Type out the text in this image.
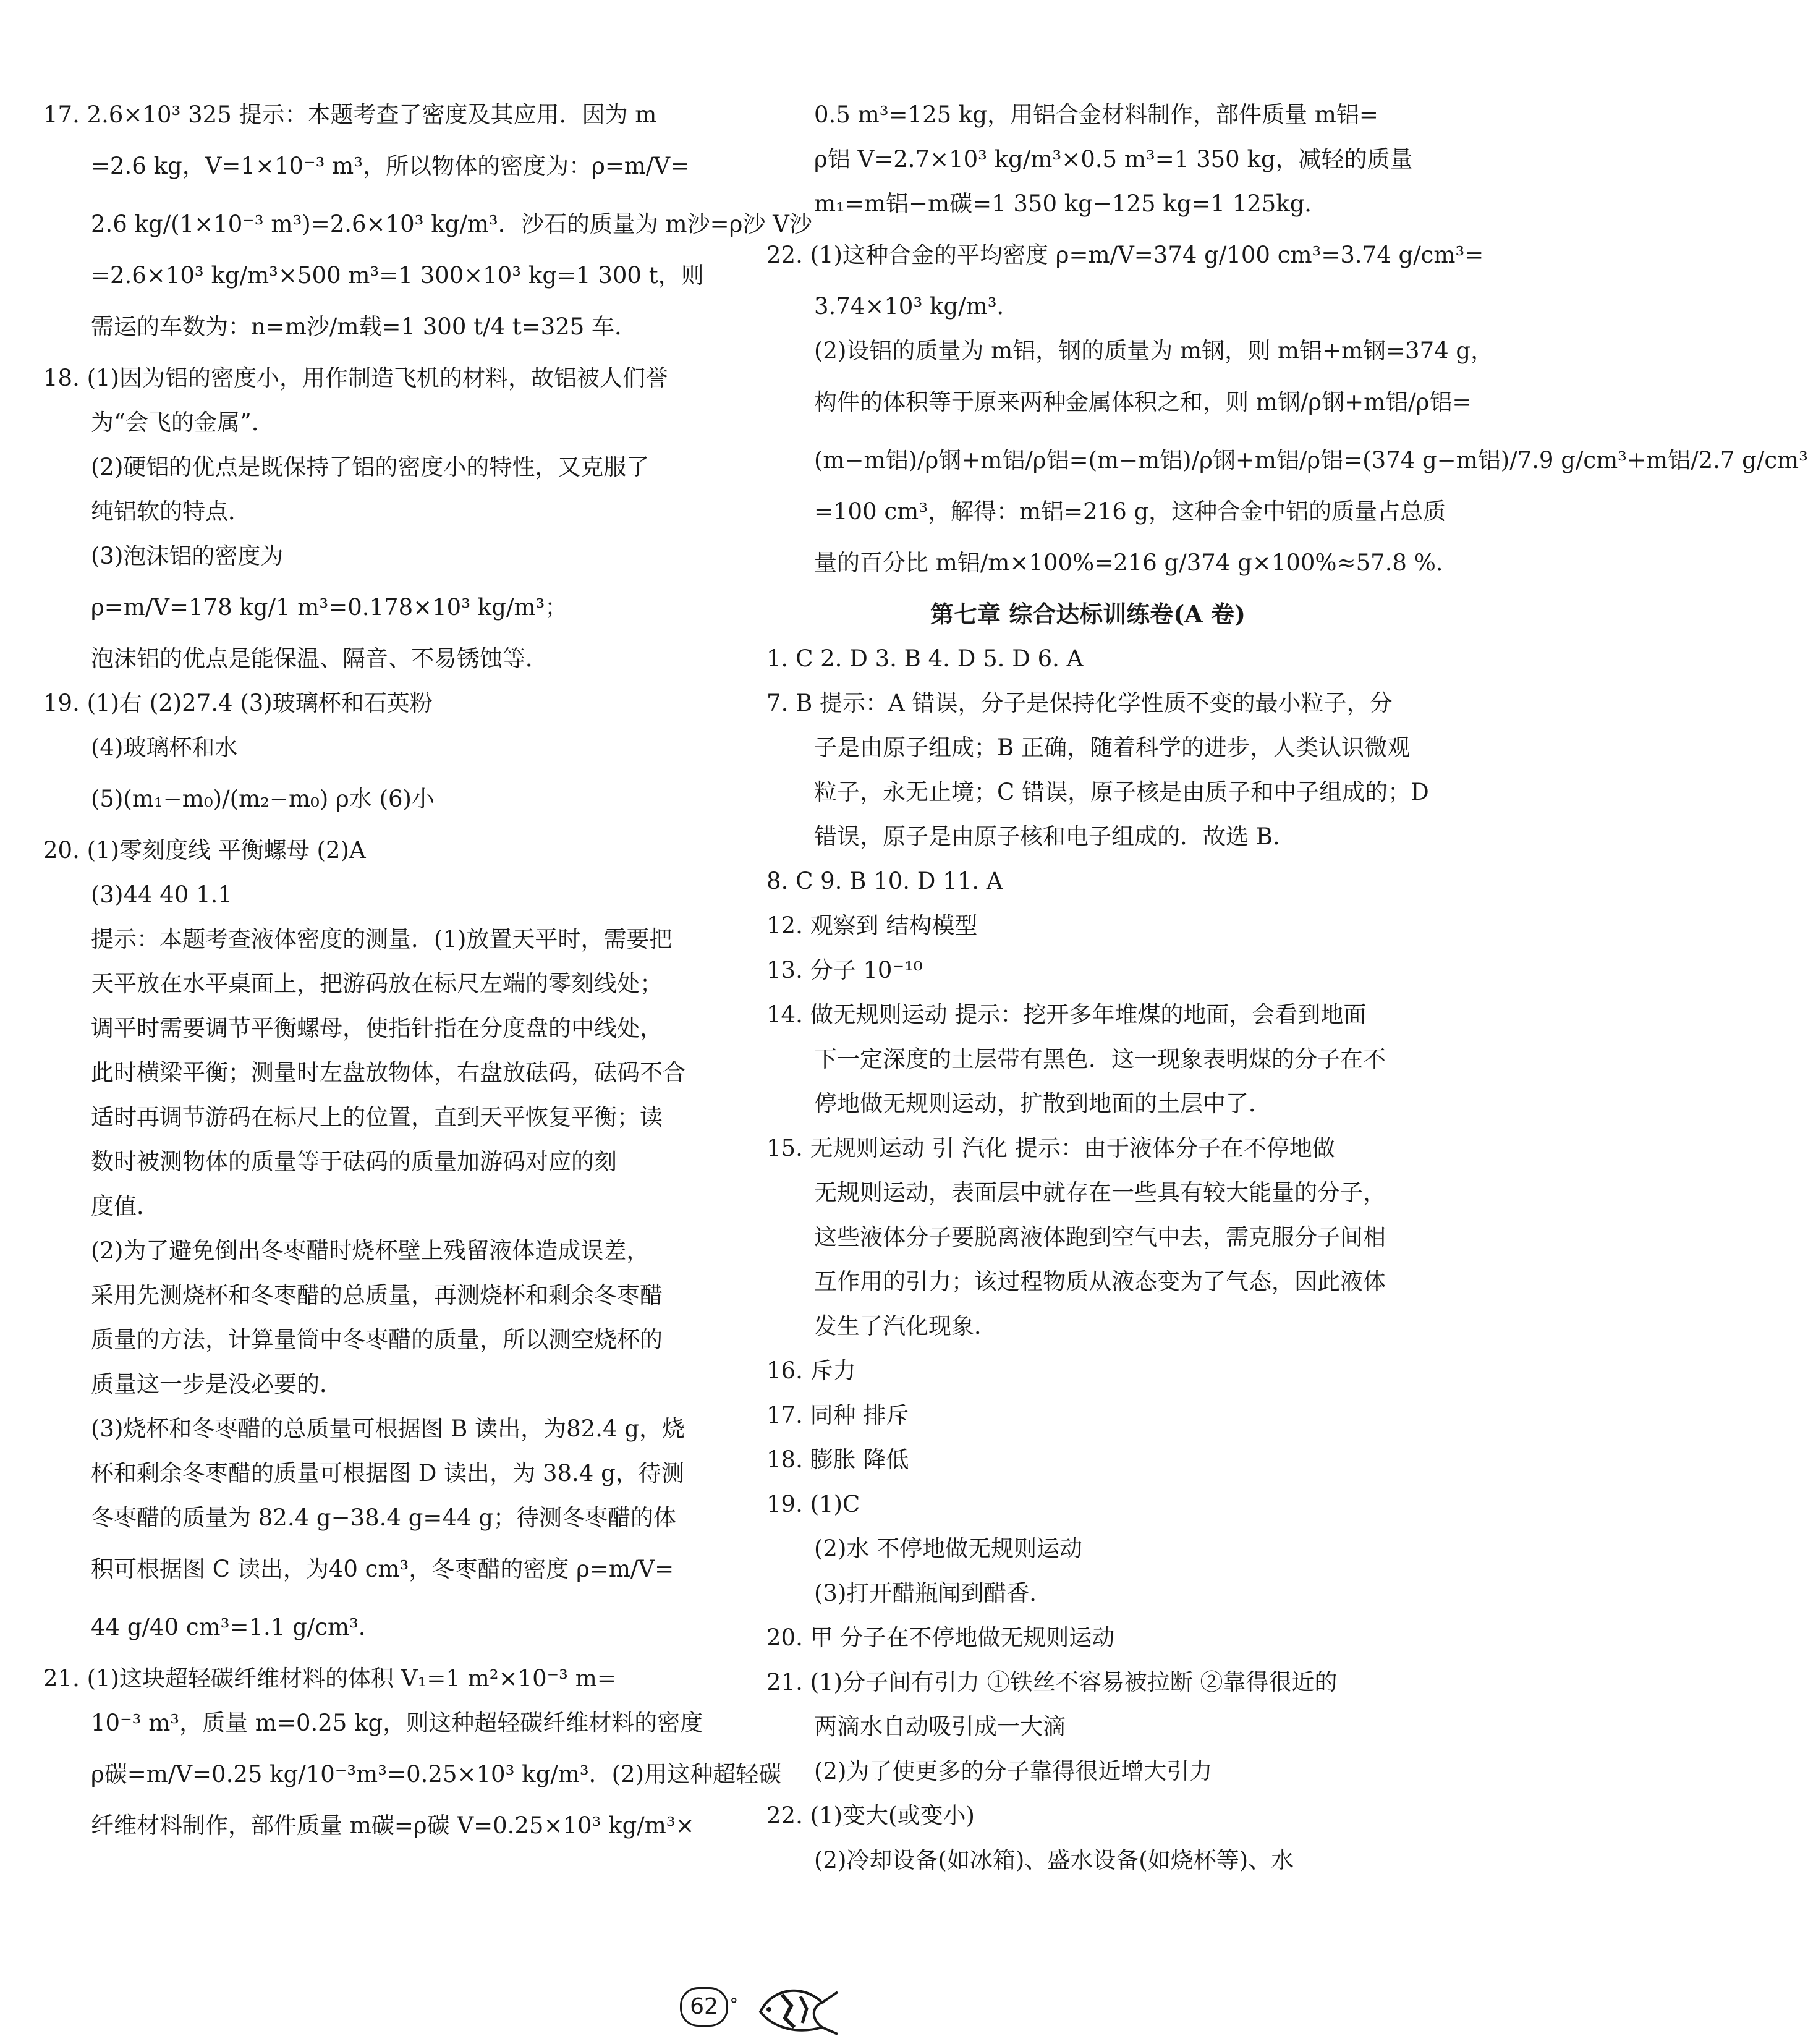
17. 2.6×10³ 325 提示：本题考查了密度及其应用．因为 m
=2.6 kg，V=1×10⁻³ m³，所以物体的密度为：ρ=m/V=
2.6 kg/(1×10⁻³ m³)=2.6×10³ kg/m³．沙石的质量为 m沙=ρ沙 V沙
=2.6×10³ kg/m³×500 m³=1 300×10³ kg=1 300 t，则
需运的车数为：n=m沙/m载=1 300 t/4 t=325 车．
18. (1)因为铝的密度小，用作制造飞机的材料，故铝被人们誉
为“会飞的金属”．
(2)硬铝的优点是既保持了铝的密度小的特性，又克服了
纯铝软的特点．
(3)泡沫铝的密度为
ρ=m/V=178 kg/1 m³=0.178×10³ kg/m³；
泡沫铝的优点是能保温、隔音、不易锈蚀等．
19. (1)右 (2)27.4 (3)玻璃杯和石英粉
(4)玻璃杯和水
(5)(m₁−m₀)/(m₂−m₀) ρ水 (6)小
20. (1)零刻度线 平衡螺母 (2)A
(3)44 40 1.1
提示：本题考查液体密度的测量．(1)放置天平时，需要把
天平放在水平桌面上，把游码放在标尺左端的零刻线处；
调平时需要调节平衡螺母，使指针指在分度盘的中线处，
此时横梁平衡；测量时左盘放物体，右盘放砝码，砝码不合
适时再调节游码在标尺上的位置，直到天平恢复平衡；读
数时被测物体的质量等于砝码的质量加游码对应的刻
度值．
(2)为了避免倒出冬枣醋时烧杯壁上残留液体造成误差，
采用先测烧杯和冬枣醋的总质量，再测烧杯和剩余冬枣醋
质量的方法，计算量筒中冬枣醋的质量，所以测空烧杯的
质量这一步是没必要的．
(3)烧杯和冬枣醋的总质量可根据图 B 读出，为82.4 g，烧
杯和剩余冬枣醋的质量可根据图 D 读出，为 38.4 g，待测
冬枣醋的质量为 82.4 g−38.4 g=44 g；待测冬枣醋的体
积可根据图 C 读出，为40 cm³，冬枣醋的密度 ρ=m/V=
44 g/40 cm³=1.1 g/cm³．
21. (1)这块超轻碳纤维材料的体积 V₁=1 m²×10⁻³ m=
10⁻³ m³，质量 m=0.25 kg，则这种超轻碳纤维材料的密度
ρ碳=m/V=0.25 kg/10⁻³m³=0.25×10³ kg/m³．(2)用这种超轻碳
纤维材料制作，部件质量 m碳=ρ碳 V=0.25×10³ kg/m³×
0.5 m³=125 kg，用铝合金材料制作，部件质量 m铝=
ρ铝 V=2.7×10³ kg/m³×0.5 m³=1 350 kg，减轻的质量
m₁=m铝−m碳=1 350 kg−125 kg=1 125kg．
22. (1)这种合金的平均密度 ρ=m/V=374 g/100 cm³=3.74 g/cm³=
3.74×10³ kg/m³．
(2)设铝的质量为 m铝，钢的质量为 m钢，则 m铝+m钢=374 g，
构件的体积等于原来两种金属体积之和，则 m钢/ρ钢+m铝/ρ铝=
(m−m铝)/ρ钢+m铝/ρ铝=(m−m铝)/ρ钢+m铝/ρ铝=(374 g−m铝)/7.9 g/cm³+m铝/2.7 g/cm³
=100 cm³，解得：m铝=216 g，这种合金中铝的质量占总质
量的百分比 m铝/m×100%=216 g/374 g×100%≈57.8 %．
第七章 综合达标训练卷(A 卷)
1. C 2. D 3. B 4. D 5. D 6. A
7. B 提示：A 错误，分子是保持化学性质不变的最小粒子，分
子是由原子组成；B 正确，随着科学的进步，人类认识微观
粒子，永无止境；C 错误，原子核是由质子和中子组成的；D
错误，原子是由原子核和电子组成的．故选 B．
8. C 9. B 10. D 11. A
12. 观察到 结构模型
13. 分子 10⁻¹⁰
14. 做无规则运动 提示：挖开多年堆煤的地面，会看到地面
下一定深度的土层带有黑色．这一现象表明煤的分子在不
停地做无规则运动，扩散到地面的土层中了．
15. 无规则运动 引 汽化 提示：由于液体分子在不停地做
无规则运动，表面层中就存在一些具有较大能量的分子，
这些液体分子要脱离液体跑到空气中去，需克服分子间相
互作用的引力；该过程物质从液态变为了气态，因此液体
发生了汽化现象．
16. 斥力
17. 同种 排斥
18. 膨胀 降低
19. (1)C
(2)水 不停地做无规则运动
(3)打开醋瓶闻到醋香．
20. 甲 分子在不停地做无规则运动
21. (1)分子间有引力 ①铁丝不容易被拉断 ②靠得很近的
两滴水自动吸引成一大滴
(2)为了使更多的分子靠得很近增大引力
22. (1)变大(或变小)
(2)冷却设备(如冰箱)、盛水设备(如烧杯等)、水
62 ∘
